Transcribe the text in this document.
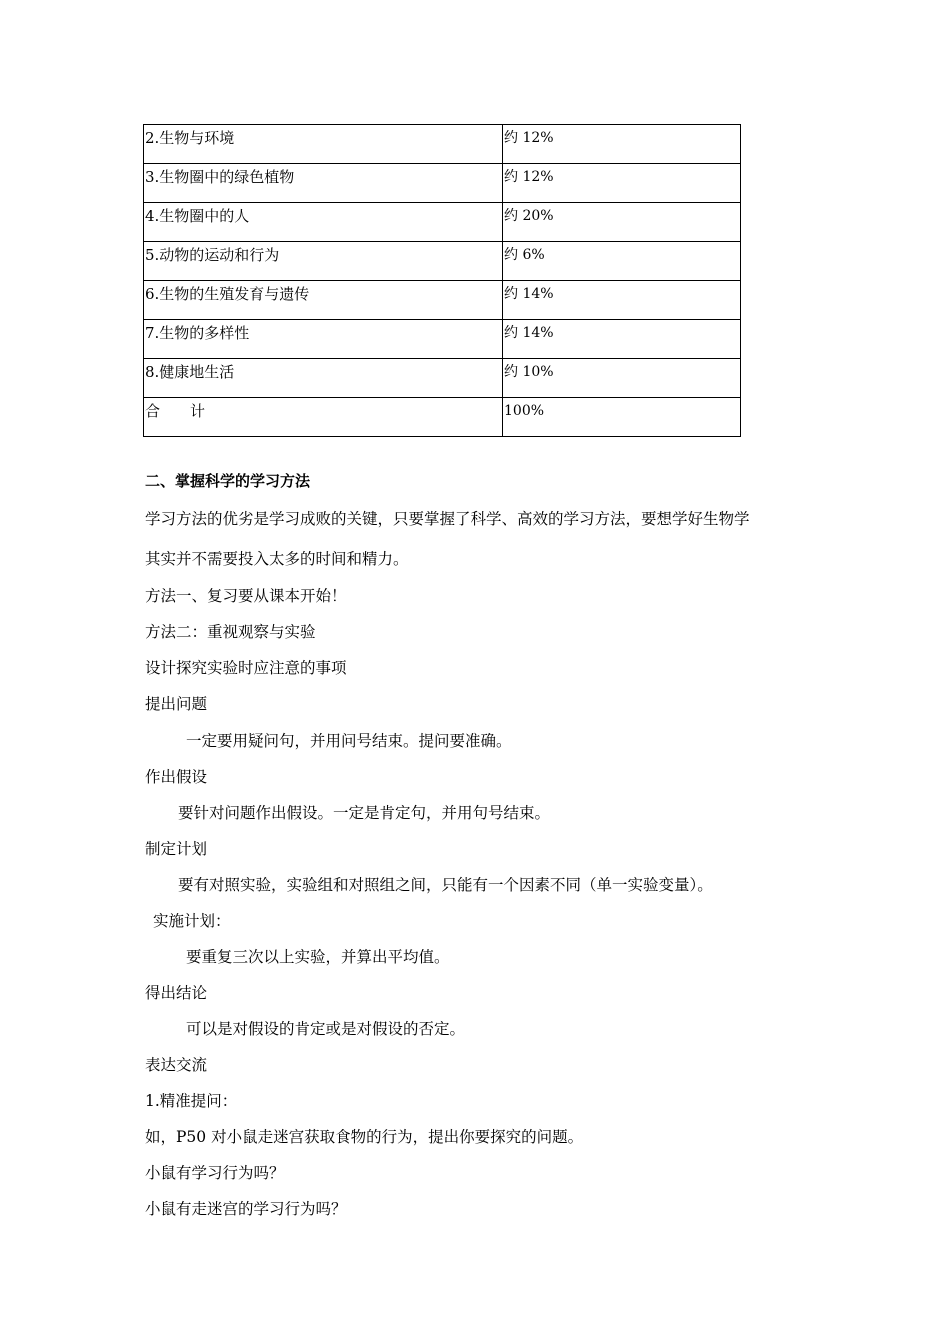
2.生物与环境	约 12%
3.生物圈中的绿色植物	约 12%
4.生物圈中的人	约 20%
5.动物的运动和行为	约 6%
6.生物的生殖发育与遗传	约 14%
7.生物的多样性	约 14%
8.健康地生活	约 10%
合　　计	100%
二、掌握科学的学习方法
学习方法的优劣是学习成败的关键，只要掌握了科学、高效的学习方法，要想学好生物学
其实并不需要投入太多的时间和精力。
方法一、复习要从课本开始！
方法二：重视观察与实验
设计探究实验时应注意的事项
提出问题
一定要用疑问句，并用问号结束。提问要准确。
作出假设
要针对问题作出假设。一定是肯定句，并用句号结束。
制定计划
要有对照实验，实验组和对照组之间，只能有一个因素不同（单一实验变量）。
实施计划：
要重复三次以上实验，并算出平均值。
得出结论
可以是对假设的肯定或是对假设的否定。
表达交流
1.精准提问：
如，P50 对小鼠走迷宫获取食物的行为，提出你要探究的问题。
小鼠有学习行为吗？
小鼠有走迷宫的学习行为吗？
